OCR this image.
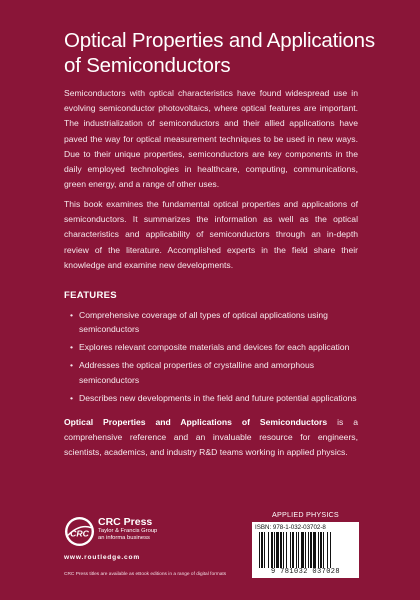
Optical Properties and Applications of Semiconductors

Semiconductors with optical characteristics have found widespread use in evolving semiconductor photovoltaics, where optical features are important. The industrialization of semiconductors and their allied applications have paved the way for optical measurement techniques to be used in new ways. Due to their unique properties, semiconductors are key components in the daily employed technologies in healthcare, computing, communications, green energy, and a range of other uses.

This book examines the fundamental optical properties and applications of semiconductors. It summarizes the information as well as the optical characteristics and applicability of semiconductors through an in-depth review of the literature. Accomplished experts in the field share their knowledge and examine new developments.

FEATURES
• Comprehensive coverage of all types of optical applications using semiconductors
• Explores relevant composite materials and devices for each application
• Addresses the optical properties of crystalline and amorphous semiconductors
• Describes new developments in the field and future potential applications

Optical Properties and Applications of Semiconductors is a comprehensive reference and an invaluable resource for engineers, scientists, academics, and industry R&D teams working in applied physics.

CRC
CRC Press
Taylor & Francis Group
an informa business
www.routledge.com
CRC Press titles are available as eBook editions in a range of digital formats
APPLIED PHYSICS
ISBN: 978-1-032-03702-8
9 781032 037028
